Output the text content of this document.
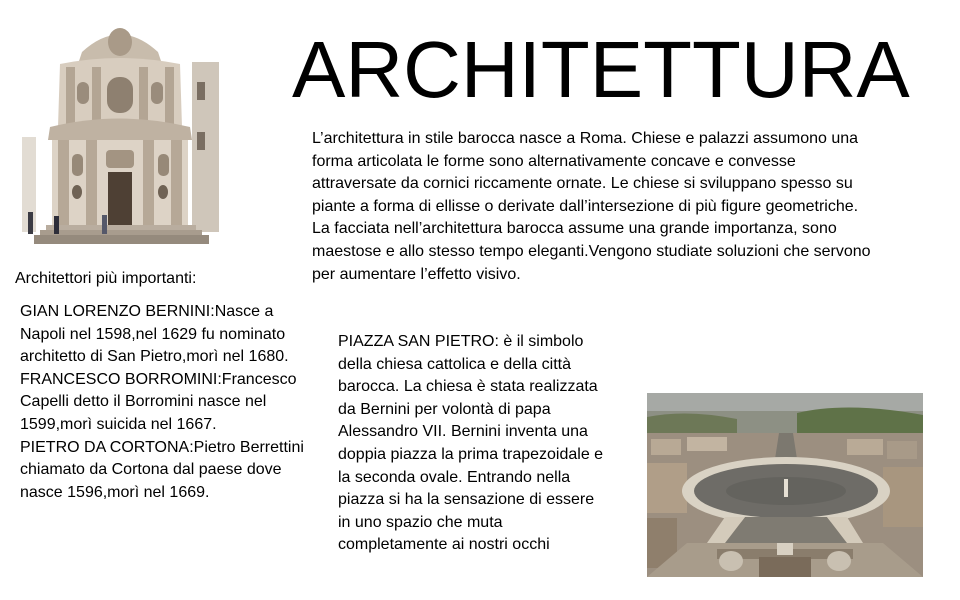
ARCHITETTURA
L’architettura in stile barocca nasce a Roma. Chiese e palazzi assumono una forma articolata le forme sono alternativamente concave e convesse attraversate da cornici riccamente ornate. Le chiese si sviluppano spesso su piante a forma di ellisse o derivate dall’intersezione di più figure geometriche. La facciata nell’architettura barocca assume una grande importanza, sono maestose e allo stesso tempo eleganti.Vengono studiate soluzioni che servono per aumentare l’effetto visivo.
Architettori più importanti:

GIAN LORENZO BERNINI:Nasce a Napoli nel 1598,nel 1629 fu nominato architetto di San Pietro,morì nel 1680.

FRANCESCO BORROMINI:Francesco Capelli detto il Borromini nasce nel 1599,morì suicida nel 1667.

PIETRO DA CORTONA:Pietro Berrettini chiamato da Cortona dal paese dove nasce 1596,morì nel 1669.

PIAZZA SAN PIETRO: è il simbolo della chiesa cattolica e della città barocca. La chiesa è stata realizzata da Bernini per volontà di papa Alessandro VII. Bernini inventa una doppia piazza la prima trapezoidale e la seconda ovale. Entrando nella piazza si ha la sensazione di essere in uno spazio che muta completamente ai nostri occhi
